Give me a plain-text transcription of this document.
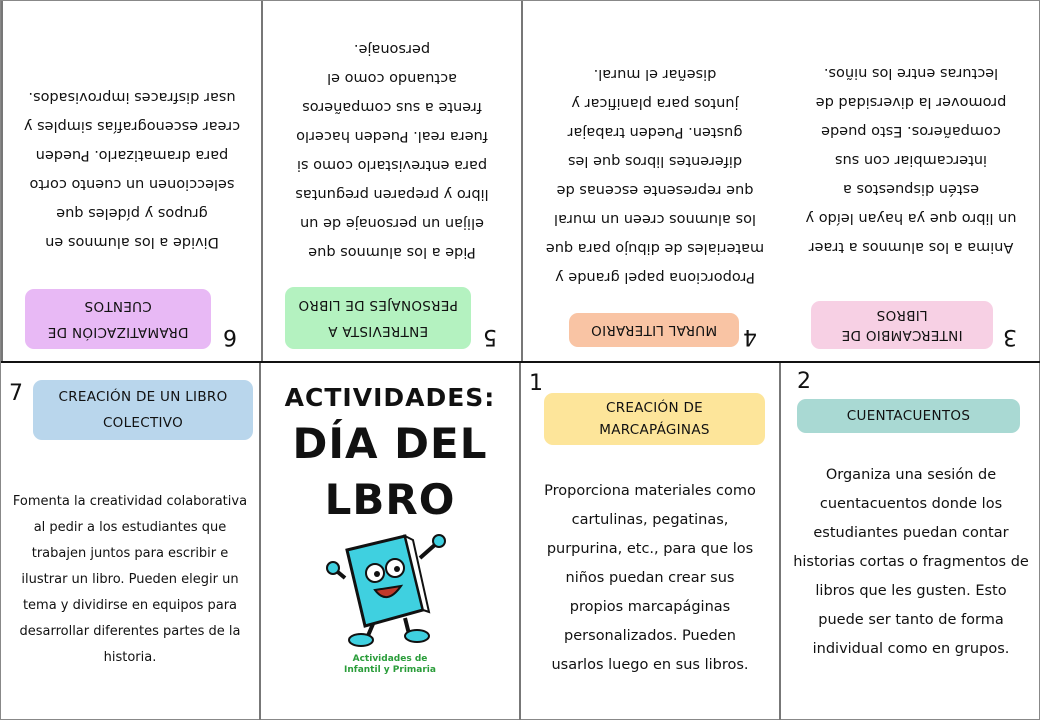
6
DRAMATIZACIÓN DE CUENTOS
Divide a los alumnos en grupos y pídeles que seleccionen un cuento corto para dramatizarlo. Pueden crear escenografías simples y usar disfraces improvisados.
5
ENTREVISTA A PERSONAJES DE LIBRO
Pide a los alumnos que elijan un personaje de un libro y preparen preguntas para entrevistarlo como si fuera real. Pueden hacerlo frente a sus compañeros actuando como el personaje.
4
MURAL LITERARIO
Proporciona papel grande y materiales de dibujo para que los alumnos creen un mural que represente escenas de diferentes libros que les gusten. Pueden trabajar juntos para planificar y diseñar el mural.
3
INTERCAMBIO DE LIBROS
Anima a los alumnos a traer un libro que ya hayan leído y estén dispuestos a intercambiar con sus compañeros. Esto puede promover la diversidad de lecturas entre los niños.
7	CREACIÓN DE UN LIBRO COLECTIVO
Fomenta la creatividad colaborativa al pedir a los estudiantes que trabajen juntos para escribir e ilustrar un libro. Pueden elegir un tema y dividirse en equipos para desarrollar diferentes partes de la historia.
ACTIVIDADES:
DÍA DEL
LBRO
Actividades de Infantil y Primaria
1
CREACIÓN DE MARCAPÁGINAS
Proporciona materiales como cartulinas, pegatinas, purpurina, etc., para que los niños puedan crear sus propios marcapáginas personalizados. Pueden usarlos luego en sus libros.
2
CUENTACUENTOS
Organiza una sesión de cuentacuentos donde los estudiantes puedan contar historias cortas o fragmentos de libros que les gusten. Esto puede ser tanto de forma individual como en grupos.
